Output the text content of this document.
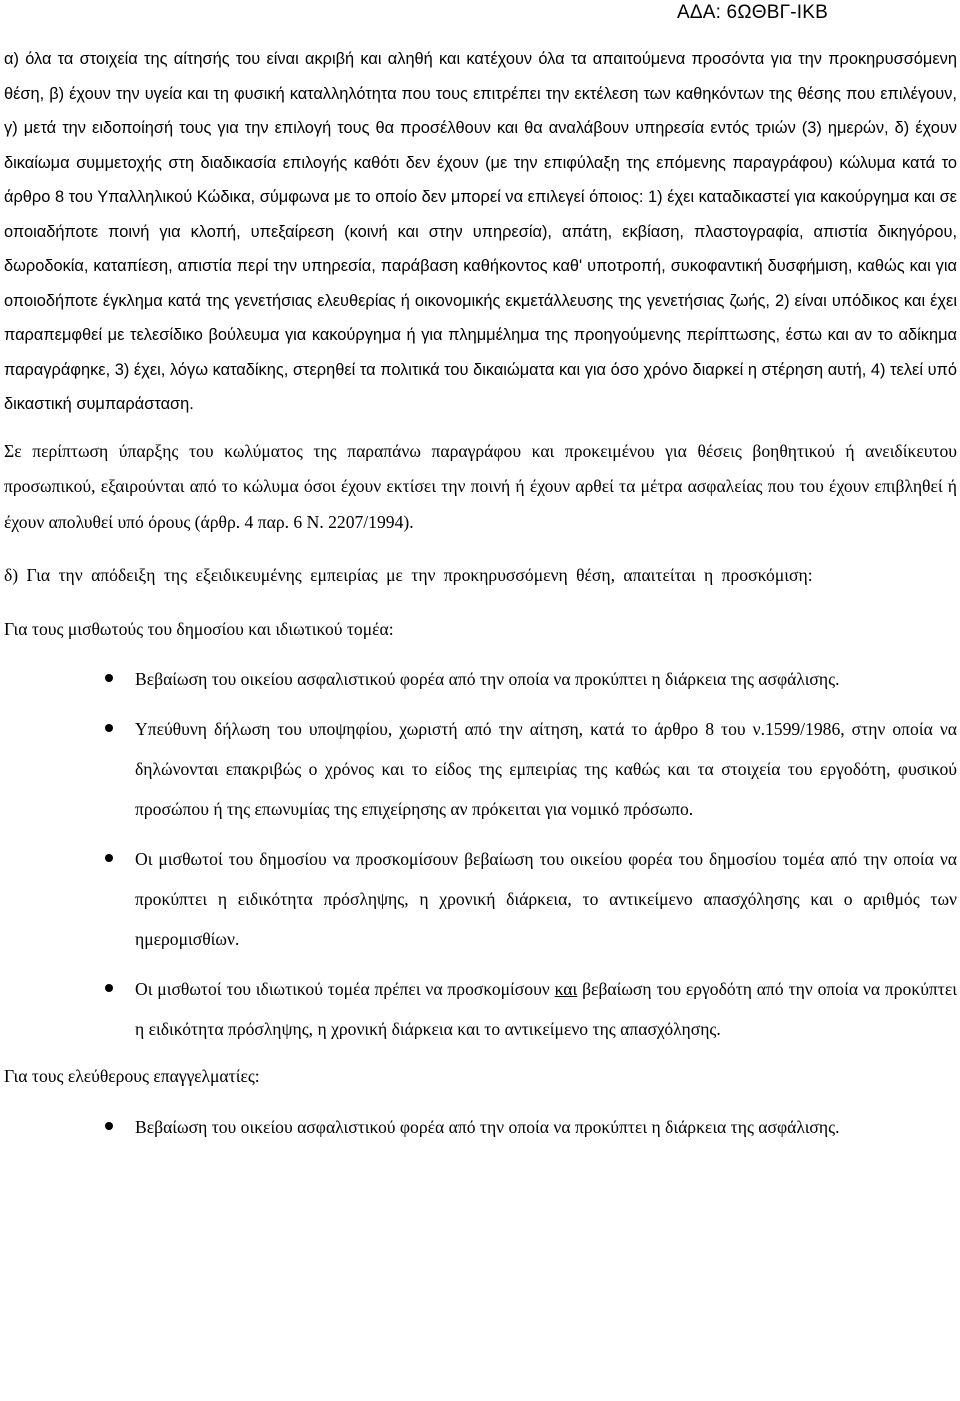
ΑΔΑ: 6ΩΘΒΓ-ΙΚΒ

α) όλα τα στοιχεία της αίτησής του είναι ακριβή και αληθή και κατέχουν όλα τα απαιτούμενα προσόντα για την προκηρυσσόμενη θέση, β) έχουν την υγεία και τη φυσική καταλληλότητα που τους επιτρέπει την εκτέλεση των καθηκόντων της θέσης που επιλέγουν, γ) μετά την ειδοποίησή τους για την επιλογή τους θα προσέλθουν και θα αναλάβουν υπηρεσία εντός τριών (3) ημερών, δ) έχουν δικαίωμα συμμετοχής στη διαδικασία επιλογής καθότι δεν έχουν (με την επιφύλαξη της επόμενης παραγράφου) κώλυμα κατά το άρθρο 8 του Υπαλληλικού Κώδικα, σύμφωνα με το οποίο δεν μπορεί να επιλεγεί όποιος: 1) έχει καταδικαστεί για κακούργημα και σε οποιαδήποτε ποινή για κλοπή, υπεξαίρεση (κοινή και στην υπηρεσία), απάτη, εκβίαση, πλαστογραφία, απιστία δικηγόρου, δωροδοκία, καταπίεση, απιστία περί την υπηρεσία, παράβαση καθήκοντος καθ' υποτροπή, συκοφαντική δυσφήμιση, καθώς και για οποιοδήποτε έγκλημα κατά της γενετήσιας ελευθερίας ή οικονομικής εκμετάλλευσης της γενετήσιας ζωής, 2) είναι υπόδικος και έχει παραπεμφθεί με τελεσίδικο βούλευμα για κακούργημα ή για πλημμέλημα της προηγούμενης περίπτωσης, έστω και αν το αδίκημα παραγράφηκε, 3) έχει, λόγω καταδίκης, στερηθεί τα πολιτικά του δικαιώματα και για όσο χρόνο διαρκεί η στέρηση αυτή, 4) τελεί υπό δικαστική συμπαράσταση.

Σε περίπτωση ύπαρξης του κωλύματος της παραπάνω παραγράφου και προκειμένου για θέσεις βοηθητικού ή ανειδίκευτου προσωπικού, εξαιρούνται από το κώλυμα όσοι έχουν εκτίσει την ποινή ή έχουν αρθεί τα μέτρα ασφαλείας που του έχουν επιβληθεί ή έχουν απολυθεί υπό όρους (άρθρ. 4 παρ. 6 Ν. 2207/1994).

δ) Για την απόδειξη της εξειδικευμένης εμπειρίας με την προκηρυσσόμενη θέση, απαιτείται η προσκόμιση:

Για τους μισθωτούς του δημοσίου και ιδιωτικού τομέα:

Βεβαίωση του οικείου ασφαλιστικού φορέα από την οποία να προκύπτει η διάρκεια της ασφάλισης.
Υπεύθυνη δήλωση του υποψηφίου, χωριστή από την αίτηση, κατά το άρθρο 8 του ν.1599/1986, στην οποία να δηλώνονται επακριβώς ο χρόνος και το είδος της εμπειρίας της καθώς και τα στοιχεία του εργοδότη, φυσικού προσώπου ή της επωνυμίας της επιχείρησης αν πρόκειται για νομικό πρόσωπο.
Οι μισθωτοί του δημοσίου να προσκομίσουν βεβαίωση του οικείου φορέα του δημοσίου τομέα από την οποία να προκύπτει η ειδικότητα πρόσληψης, η χρονική διάρκεια, το αντικείμενο απασχόλησης και ο αριθμός των ημερομισθίων.
Οι μισθωτοί του ιδιωτικού τομέα πρέπει να προσκομίσουν και βεβαίωση του εργοδότη από την οποία να προκύπτει η ειδικότητα πρόσληψης, η χρονική διάρκεια και το αντικείμενο της απασχόλησης.

Για τους ελεύθερους επαγγελματίες:

Βεβαίωση του οικείου ασφαλιστικού φορέα από την οποία να προκύπτει η διάρκεια της ασφάλισης.
